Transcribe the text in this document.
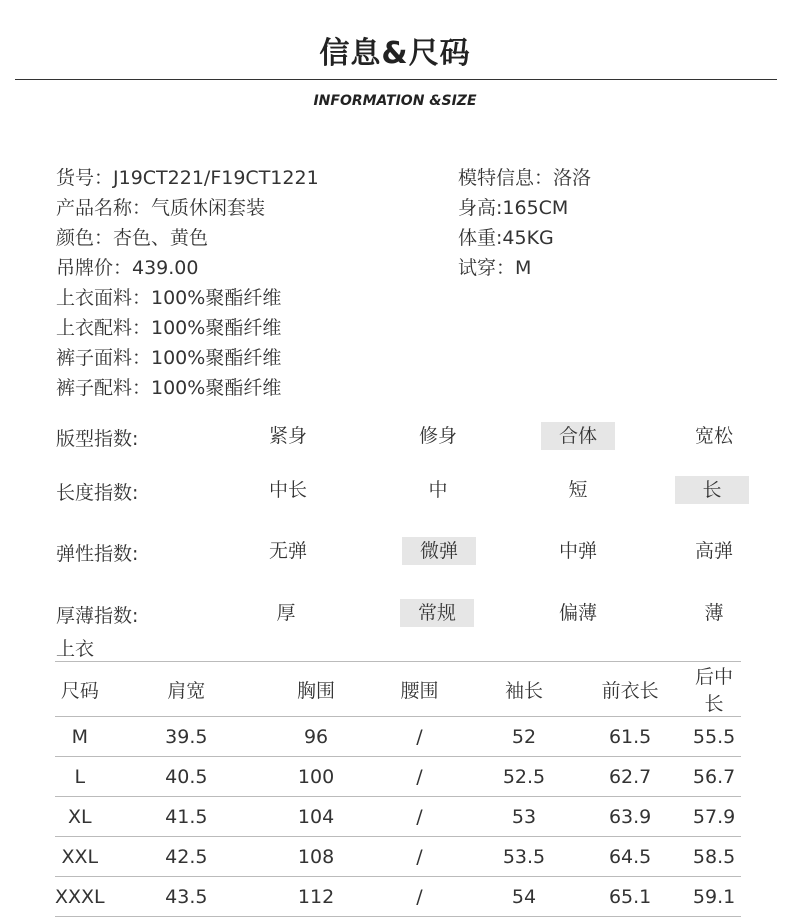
信息&尺码
INFORMATION &SIZE
货号：J19CT221/F19CT1221
产品名称：气质休闲套装
颜色：杏色、黄色
吊牌价：439.00
上衣面料：100%聚酯纤维
上衣配料：100%聚酯纤维
裤子面料：100%聚酯纤维
裤子配料：100%聚酯纤维
模特信息：洛洛
身高:165CM
体重:45KG
试穿：M
版型指数:	紧身	修身	合体	宽松
长度指数:	中长	中	短	长
弹性指数:	无弹	微弹	中弹	高弹
厚薄指数:	厚	常规	偏薄	薄
上衣
尺码	肩宽	胸围	腰围	袖长	前衣长	后中长
M	39.5	96	/	52	61.5	55.5
L	40.5	100	/	52.5	62.7	56.7
XL	41.5	104	/	53	63.9	57.9
XXL	42.5	108	/	53.5	64.5	58.5
XXXL	43.5	112	/	54	65.1	59.1
